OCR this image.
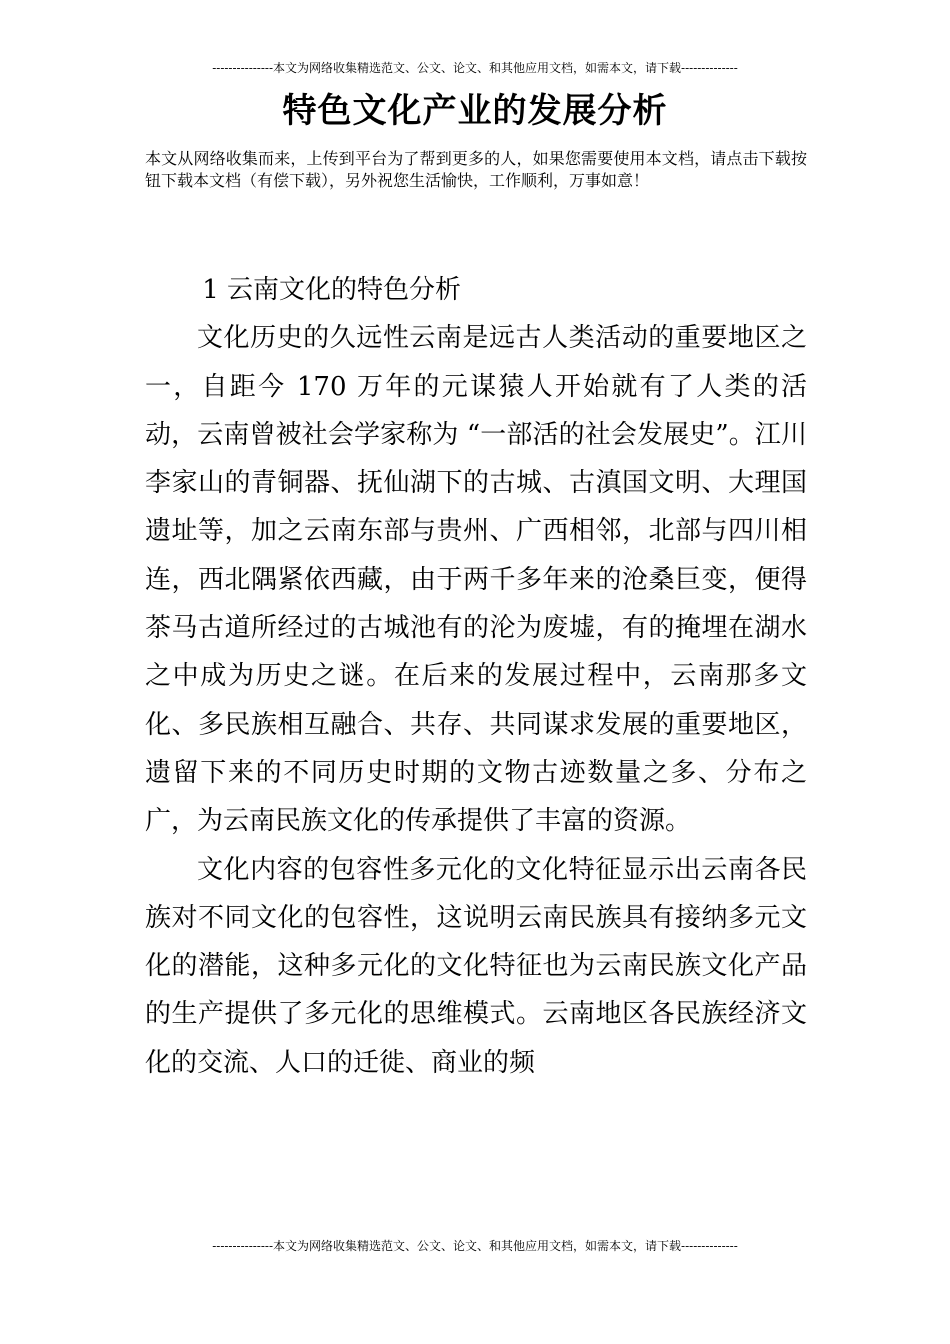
---------------本文为网络收集精选范文、公文、论文、和其他应用文档，如需本文，请下载--------------
特色文化产业的发展分析
本文从网络收集而来，上传到平台为了帮到更多的人，如果您需要使用本文档，请点击下载按钮下载本文档（有偿下载），另外祝您生活愉快，工作顺利，万事如意！

1 云南文化的特色分析

文化历史的久远性云南是远古人类活动的重要地区之一，自距今 170 万年的元谋猿人开始就有了人类的活动，云南曾被社会学家称为 “一部活的社会发展史”。江川李家山的青铜器、抚仙湖下的古城、古滇国文明、大理国遗址等，加之云南东部与贵州、广西相邻，北部与四川相连，西北隅紧依西藏，由于两千多年来的沧桑巨变，便得茶马古道所经过的古城池有的沦为废墟，有的掩埋在湖水之中成为历史之谜。在后来的发展过程中，云南那多文化、多民族相互融合、共存、共同谋求发展的重要地区，遗留下来的不同历史时期的文物古迹数量之多、分布之广，为云南民族文化的传承提供了丰富的资源。

文化内容的包容性多元化的文化特征显示出云南各民族对不同文化的包容性，这说明云南民族具有接纳多元文化的潜能，这种多元化的文化特征也为云南民族文化产品的生产提供了多元化的思维模式。云南地区各民族经济文化的交流、人口的迁徙、商业的频

---------------本文为网络收集精选范文、公文、论文、和其他应用文档，如需本文，请下载--------------
